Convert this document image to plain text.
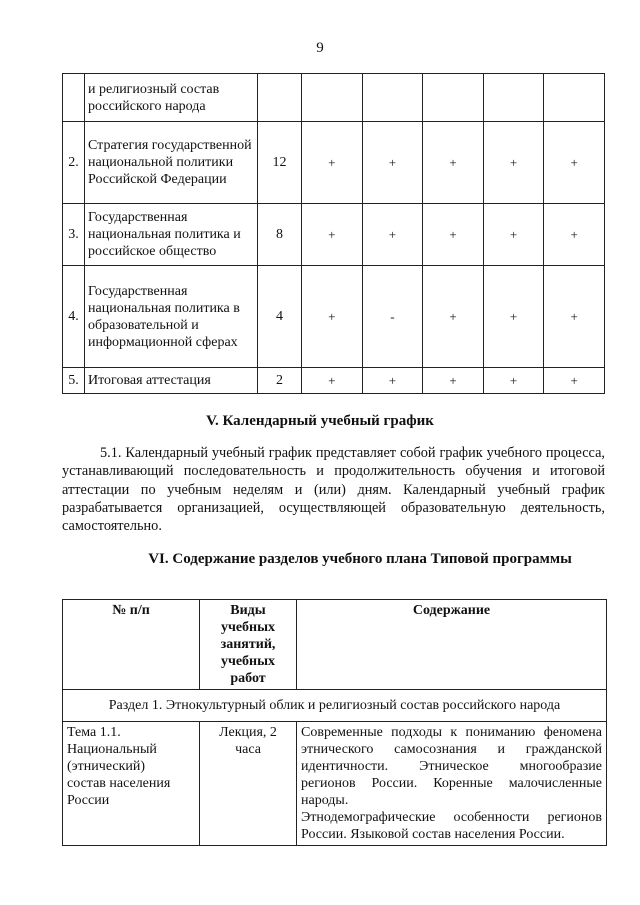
9
	и религиозный состав российского народа						
2.	Стратегия государственной национальной политики Российской Федерации	12	+	+	+	+	+
3.	Государственная национальная политика и российское общество	8	+	+	+	+	+
4.	Государственная национальная политика в образовательной и информационной сферах	4	+	-	+	+	+
5.	Итоговая аттестация	2	+	+	+	+	+
V. Календарный учебный график

5.1. Календарный учебный график представляет собой график учебного процесса, устанавливающий последовательность и продолжительность обучения и итоговой аттестации по учебным неделям и (или) дням. Календарный учебный график разрабатывается организацией, осуществляющей образовательную деятельность, самостоятельно.

VI. Содержание разделов учебного плана Типовой программы
№ п/п	Виды учебных занятий, учебных работ	Содержание
Раздел 1. Этнокультурный облик и религиозный состав российского народа		
Тема 1.1. Национальный (этнический) состав населения России	Лекция, 2 часа	Современные подходы к пониманию феномена этнического самосознания и гражданской идентичности. Этническое многообразие регионов России. Коренные малочисленные народы.
Этнодемографические особенности регионов России. Языковой состав населения России.
